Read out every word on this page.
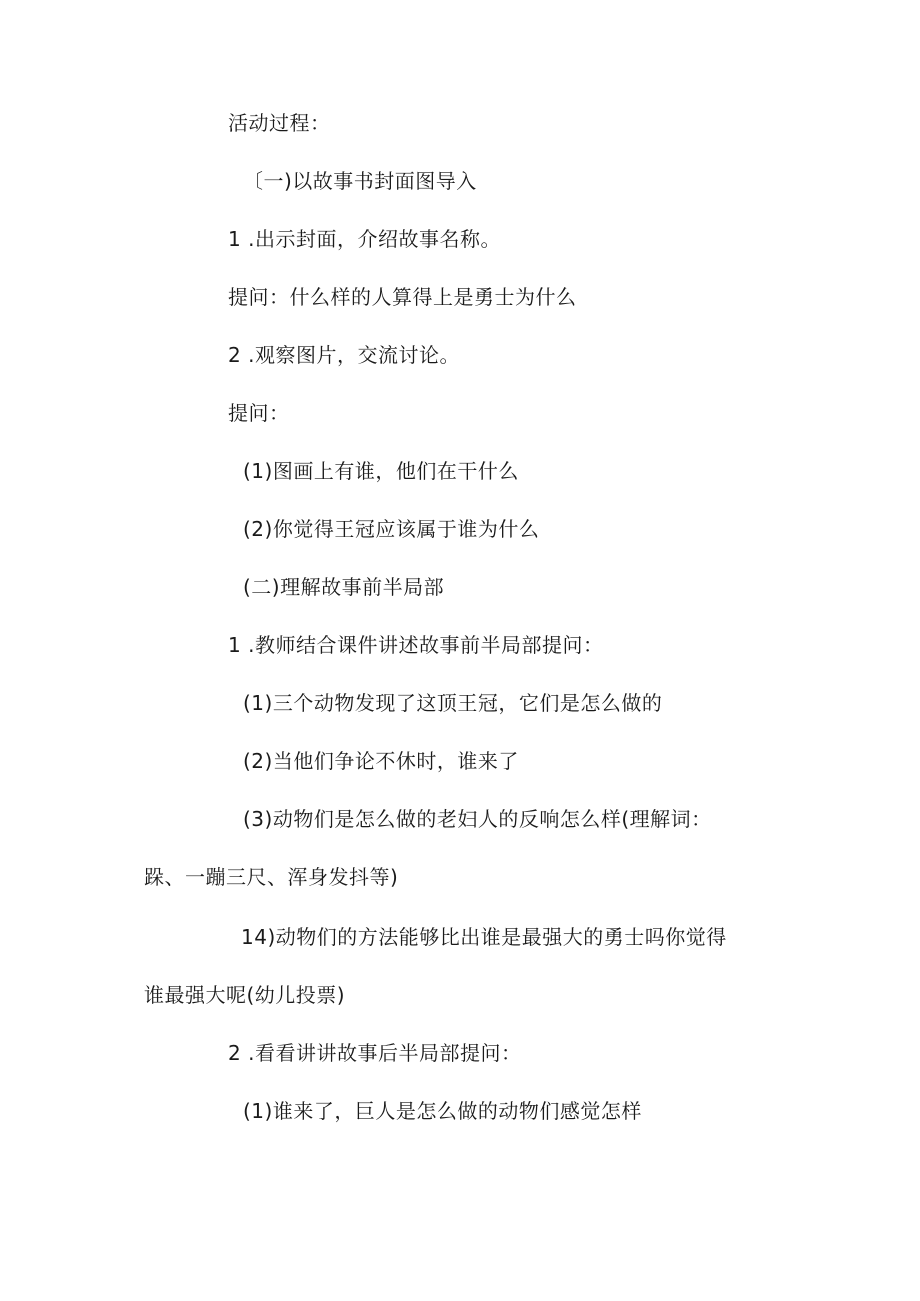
活动过程：
〔一)以故事书封面图导入
1 .出示封面，介绍故事名称。
提问：什么样的人算得上是勇士为什么
2 .观察图片，交流讨论。
提问：
(1)图画上有谁，他们在干什么
(2)你觉得王冠应该属于谁为什么
(二)理解故事前半局部
1 .教师结合课件讲述故事前半局部提问：
(1)三个动物发现了这顶王冠，它们是怎么做的
(2)当他们争论不休时，谁来了
(3)动物们是怎么做的老妇人的反响怎么样(理解词：
跺、一蹦三尺、浑身发抖等)
14)动物们的方法能够比出谁是最强大的勇士吗你觉得
谁最强大呢(幼儿投票)
2 .看看讲讲故事后半局部提问：
(1)谁来了，巨人是怎么做的动物们感觉怎样
